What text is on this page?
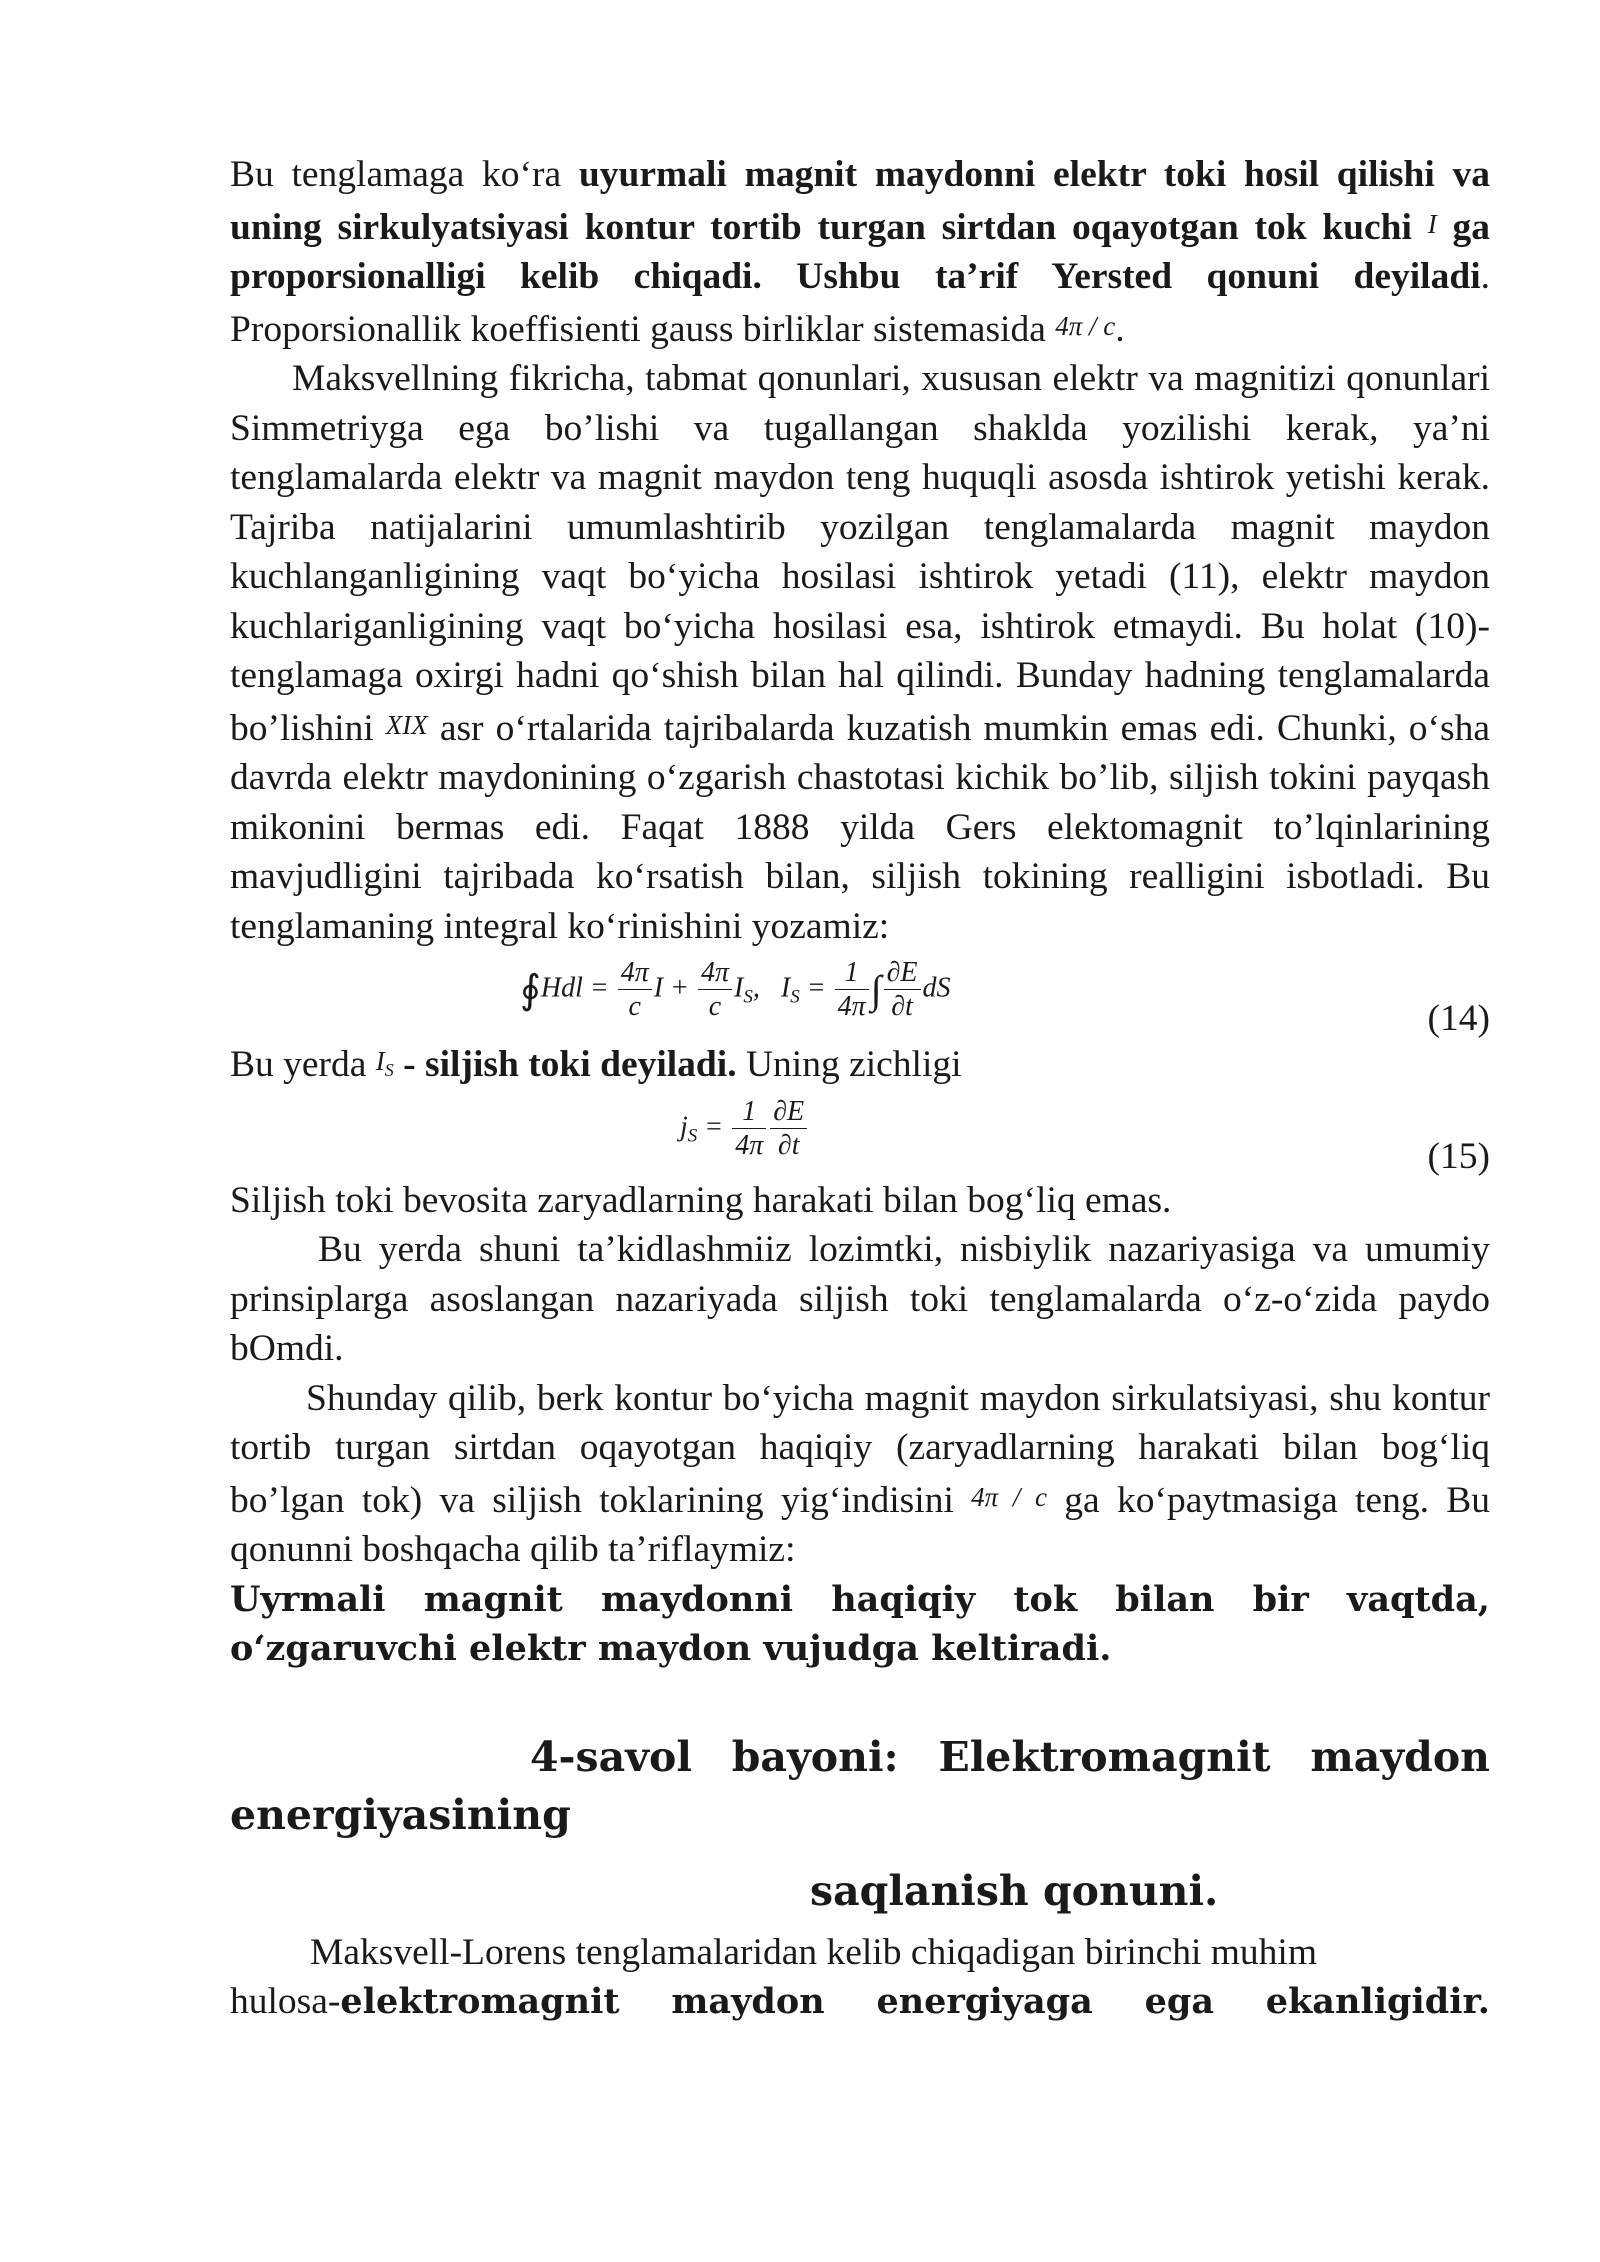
Bu tenglamaga ko‘ra uyurmali magnit maydonni elektr toki hosil qilishi va uning sirkulyatsiyasi kontur tortib turgan sirtdan oqayotgan tok kuchi I ga proporsionalligi kelib chiqadi. Ushbu ta’rif Yersted qonuni deyiladi. Proporsionallik koeffisienti gauss birliklar sistemasida 4π / c.

Maksvellning fikricha, tabmat qonunlari, xususan elektr va magnitizi qonunlari Simmetriyga ega bo’lishi va tugallangan shaklda yozilishi kerak, ya’ni tenglamalarda elektr va magnit maydon teng huquqli asosda ishtirok yetishi kerak. Tajriba natijalarini umumlashtirib yozilgan tenglamalarda magnit maydon kuchlanganligining vaqt bo‘yicha hosilasi ishtirok yetadi (11), elektr maydon kuchlariganligining vaqt bo‘yicha hosilasi esa, ishtirok etmaydi. Bu holat (10)-tenglamaga oxirgi hadni qo‘shish bilan hal qilindi. Bunday hadning tenglamalarda bo’lishini XIX asr o‘rtalarida tajribalarda kuzatish mumkin emas edi. Chunki, o‘sha davrda elektr maydonining o‘zgarish chastotasi kichik bo’lib, siljish tokini payqash mikonini bermas edi. Faqat 1888 yilda Gers elektomagnit to’lqinlarining mavjudligini tajribada ko‘rsatish bilan, siljish tokining realligini isbotladi. Bu tenglamaning integral ko‘rinishini yozamiz:

∮Hdl = $\frac{4\pi}{c}$ $I + \frac{4\pi}{c} I_S$, $I_S = \frac{1}{4\pi}$ ∫ $\frac{\partial E}{\partial t}$ dS
(14)

Bu yerda IS - siljish toki deyiladi. Uning zichligi

$j_S = \frac{1}{4\pi} \frac{\partial E}{\partial t}$	(15)

Siljish toki bevosita zaryadlarning harakati bilan bog‘liq emas.

Bu yerda shuni ta’kidlashmiiz lozimtki, nisbiylik nazariyasiga va umumiy prinsiplarga asoslangan nazariyada siljish toki tenglamalarda o‘z-o‘zida paydo bOmdi.

Shunday qilib, berk kontur bo‘yicha magnit maydon sirkulatsiyasi, shu kontur tortib turgan sirtdan oqayotgan haqiqiy (zaryadlarning harakati bilan bog‘liq bo’lgan tok) va siljish toklarining yig‘indisini 4π / c ga ko‘paytmasiga teng. Bu qonunni boshqacha qilib ta’riflaymiz:

Uyrmali magnit maydonni haqiqiy tok bilan bir vaqtda, o‘zgaruvchi elektr maydon vujudga keltiradi.

4-savol bayoni: Elektromagnit maydon
energiyasining
saqlanish qonuni.

Maksvell-Lorens tenglamalaridan kelib chiqadigan birinchi muhim

hulosa-elektromagnit maydon energiyaga ega ekanligidir.
